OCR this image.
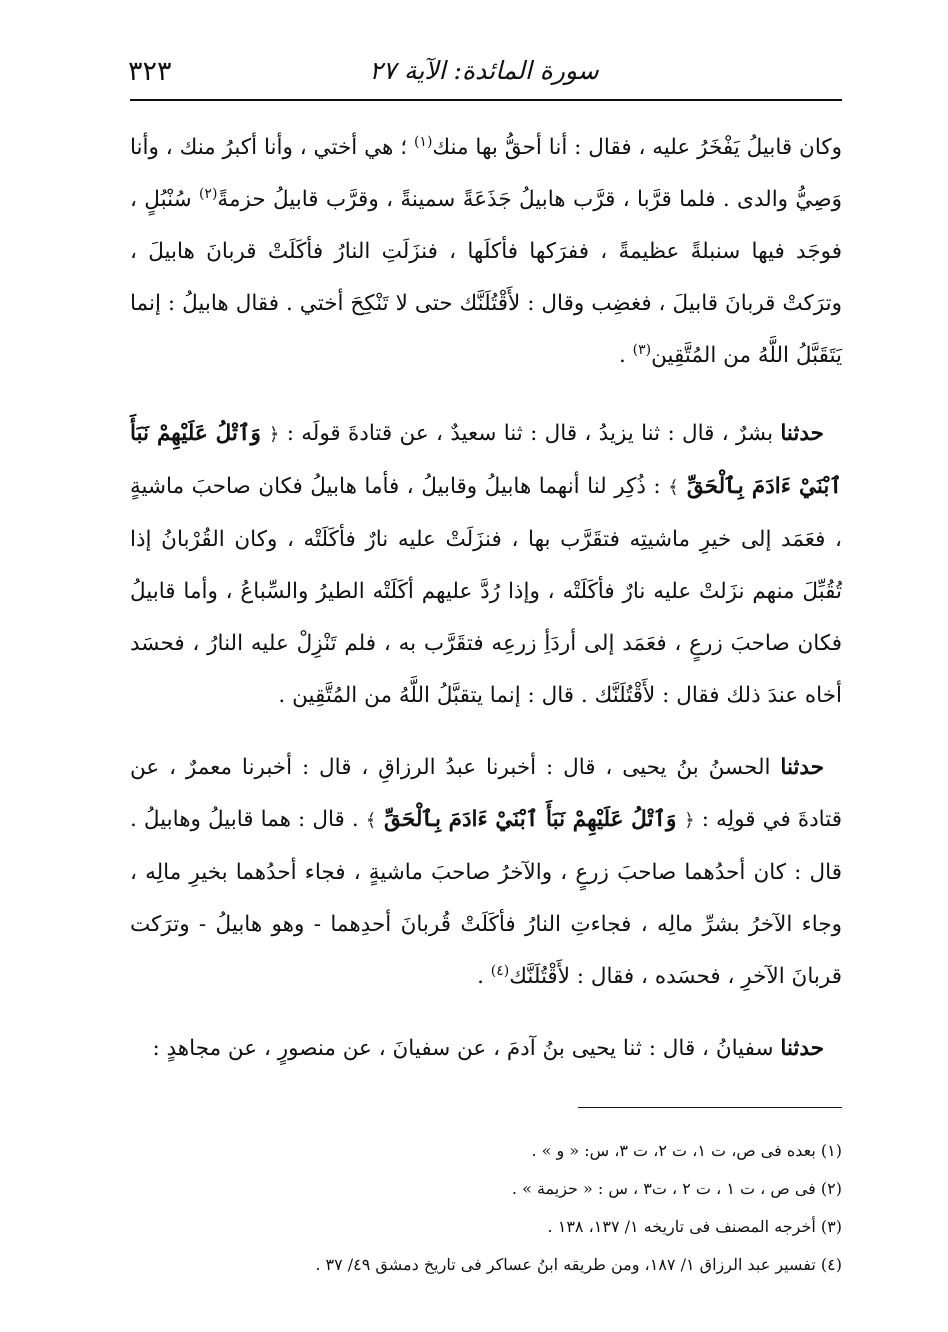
٣٢٣	سورة المائدة: الآية ٢٧

وكان قابيلُ يَفْخَرُ عليه ، فقال : أنا أحقُّ بها منك$^{(١)}$ ؛ هي أختي ، وأنا أكبرُ منك ، وأنا وَصِيُّ والدى . فلما قرَّبا ، قرَّب هابيلُ جَذَعَةً سمينةً ، وقرَّب قابيلُ حزمةً$^{(٢)}$ سُنْبُلٍ ، فوجَد فيها سنبلةً عظيمةً ، ففرَكها فأكلَها ، فنزَلَتِ النارُ فأكَلَتْ قربانَ هابيلَ ، وترَكتْ قربانَ قابيلَ ، فغضِب وقال : لأَقْتُلَنَّك حتى لا تَنْكِحَ أختي . فقال هابيلُ : إنما يَتَقَبَّلُ اللَّهُ من المُتَّقِين$^{(٣)}$ .

حدثنا بشرٌ ، قال : ثنا يزيدُ ، قال : ثنا سعيدٌ ، عن قتادةَ قولَه : ﴿ وَٱتْلُ عَلَيْهِمْ نَبَأَ ٱبْنَيْ ءَادَمَ بِٱلْحَقِّ ﴾ : ذُكِر لنا أنهما هابيلُ وقابيلُ ، فأما هابيلُ فكان صاحبَ ماشيةٍ ، فعَمَد إلى خيرِ ماشيتِه فتقَرَّب بها ، فنزَلَتْ عليه نارٌ فأكَلَتْه ، وكان القُرْبانُ إذا تُقُبِّلَ منهم نزَلتْ عليه نارٌ فأكَلَتْه ، وإذا رُدَّ عليهم أكَلَتْه الطيرُ والسِّباعُ ، وأما قابيلُ فكان صاحبَ زرعٍ ، فعَمَد إلى أردَأِ زرعِه فتقَرَّب به ، فلم تَنْزِلْ عليه النارُ ، فحسَد أخاه عندَ ذلك فقال : لأَقْتُلَنَّك . قال : إنما يتقبَّلُ اللَّهُ من المُتَّقِين .

حدثنا الحسنُ بنُ يحيى ، قال : أخبرنا عبدُ الرزاقِ ، قال : أخبرنا معمرٌ ، عن قتادةَ في قولِه : ﴿ وَٱتْلُ عَلَيْهِمْ نَبَأَ ٱبْنَيْ ءَادَمَ بِٱلْحَقِّ ﴾ . قال : هما قابيلُ وهابيلُ . قال : كان أحدُهما صاحبَ زرعٍ ، والآخرُ صاحبَ ماشيةٍ ، فجاء أحدُهما بخيرِ مالِه ، وجاء الآخرُ بشرِّ مالِه ، فجاءتِ النارُ فأكَلَتْ قُربانَ أحدِهما - وهو هابيلُ - وترَكت قربانَ الآخرِ ، فحسَده ، فقال : لأَقْتُلَنَّك$^{(٤)}$ .

حدثنا سفيانُ ، قال : ثنا يحيى بنُ آدمَ ، عن سفيانَ ، عن منصورٍ ، عن مجاهدٍ :

(١) بعده فى ص، ت ١، ت ٢، ت ٣، س: « و » .

(٢) فى ص ، ت ١ ، ت ٢ ، ت٣ ، س : « حزيمة » .

(٣) أخرجه المصنف فى تاريخه ١/ ١٣٧، ١٣٨ .

(٤) تفسير عبد الرزاق ١/ ١٨٧، ومن طريقه ابنُ عساكر فى تاريخ دمشق ٤٩/ ٣٧ .
